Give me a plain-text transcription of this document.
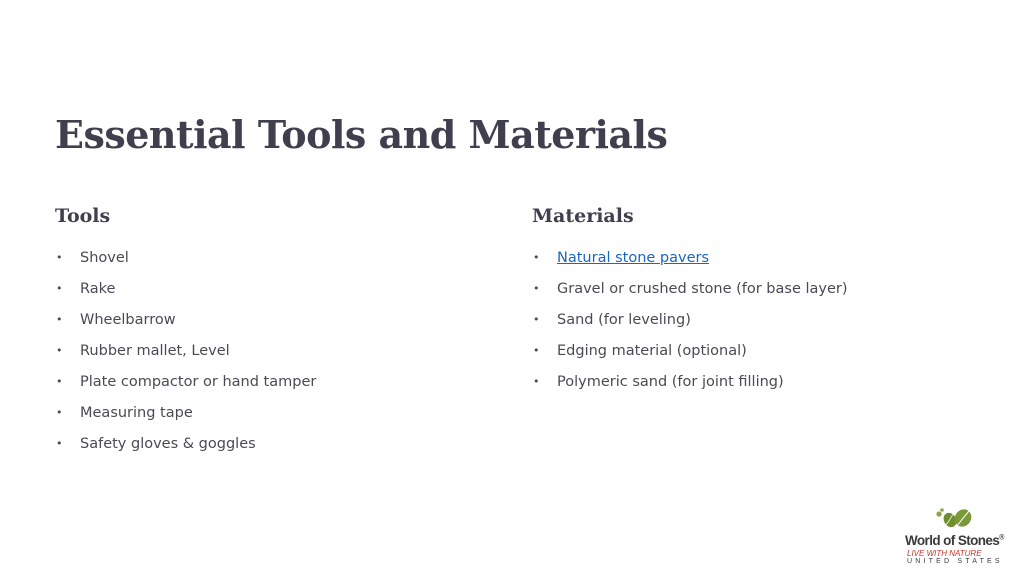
Essential Tools and Materials
Tools
• Shovel
• Rake
• Wheelbarrow
• Rubber mallet, Level
• Plate compactor or hand tamper
• Measuring tape
• Safety gloves & goggles
Materials
• Natural stone pavers
• Gravel or crushed stone (for base layer)
• Sand (for leveling)
• Edging material (optional)
• Polymeric sand (for joint filling)
World of Stones®
LIVE WITH NATURE
UNITED STATES
